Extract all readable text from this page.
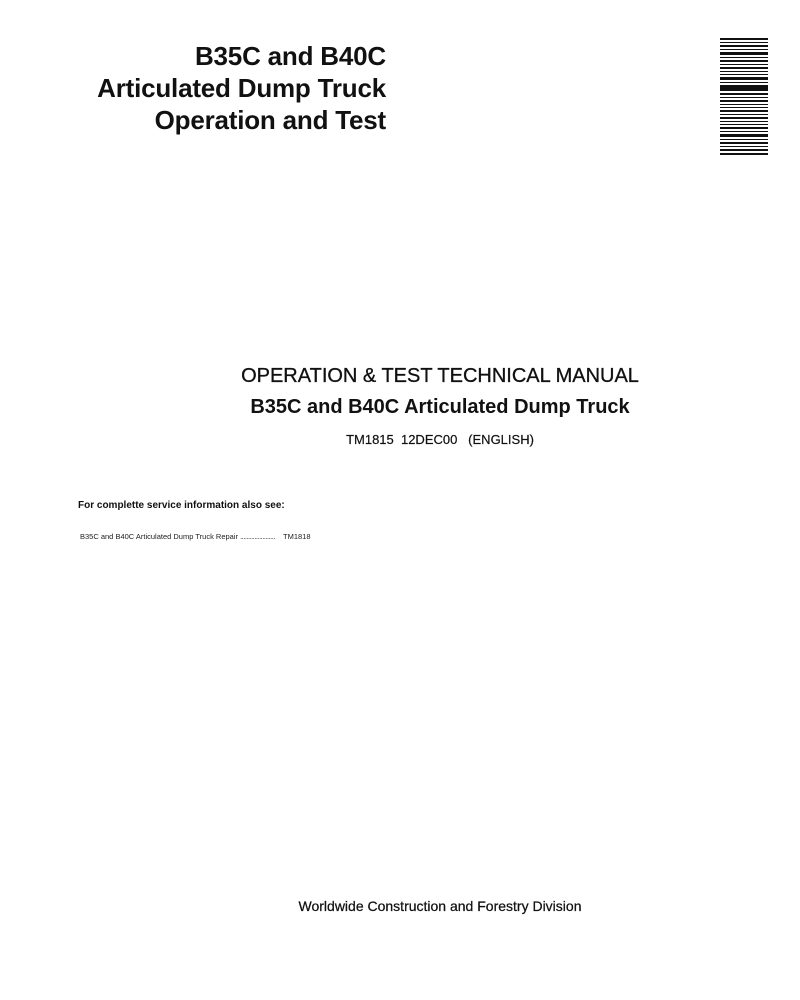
B35C and B40C
Articulated Dump Truck
Operation and Test
OPERATION & TEST TECHNICAL MANUAL
B35C and B40C Articulated Dump Truck
TM1815  12DEC00   (ENGLISH)
For complette service information also see:
B35C and B40C Articulated Dump Truck Repair ...................... TM1818
Worldwide Construction and Forestry Division
